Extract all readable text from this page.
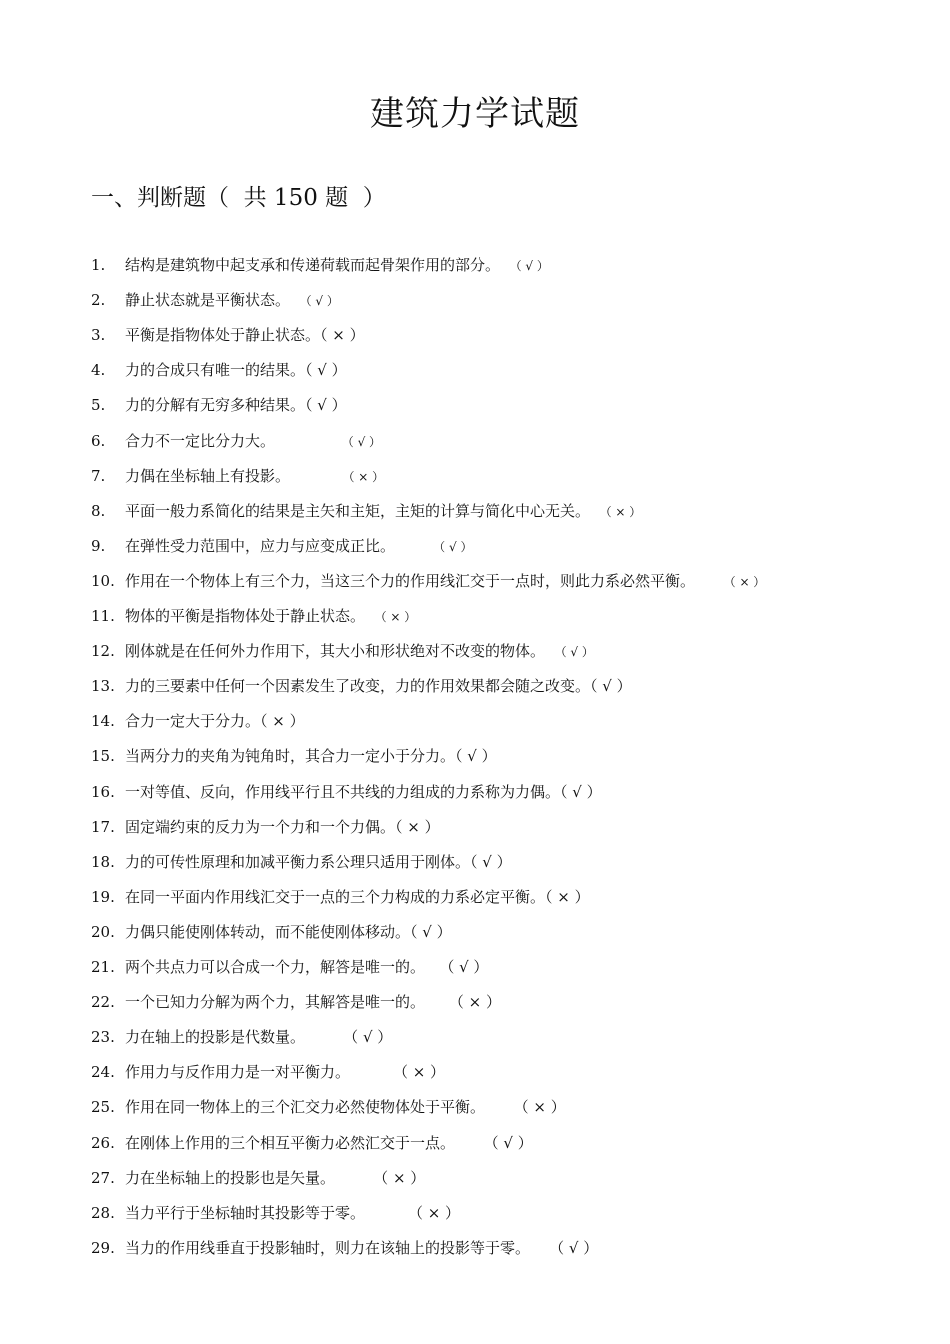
建筑力学试题
一、判断题（  共 150 题  ）
1. 结构是建筑物中起支承和传递荷载而起骨架作用的部分。 （ √ ）
2. 静止状态就是平衡状态。 （ √ ）
3. 平衡是指物体处于静止状态。（ × ）
4. 力的合成只有唯一的结果。（ √ ）
5. 力的分解有无穷多种结果。（ √ ）
6. 合力不一定比分力大。	（ √ ）
7. 力偶在坐标轴上有投影。	（ × ）
8. 平面一般力系简化的结果是主矢和主矩，主矩的计算与简化中心无关。 （ × ）
9. 在弹性受力范围中，应力与应变成正比。	（ √ ）
10. 作用在一个物体上有三个力，当这三个力的作用线汇交于一点时，则此力系必然平衡。 （ × ）
11. 物体的平衡是指物体处于静止状态。 （ × ）
12. 刚体就是在任何外力作用下，其大小和形状绝对不改变的物体。 （ √ ）
13. 力的三要素中任何一个因素发生了改变，力的作用效果都会随之改变。（ √ ）
14. 合力一定大于分力。（ × ）
15. 当两分力的夹角为钝角时，其合力一定小于分力。（ √ ）
16. 一对等值、反向，作用线平行且不共线的力组成的力系称为力偶。（ √ ）
17. 固定端约束的反力为一个力和一个力偶。（ × ）
18. 力的可传性原理和加减平衡力系公理只适用于刚体。（ √ ）
19. 在同一平面内作用线汇交于一点的三个力构成的力系必定平衡。（ × ）
20. 力偶只能使刚体转动，而不能使刚体移动。（ √ ）
21. 两个共点力可以合成一个力，解答是唯一的。 （ √ ）
22. 一个已知力分解为两个力，其解答是唯一的。 （ × ）
23. 力在轴上的投影是代数量。	（ √ ）
24. 作用力与反作用力是一对平衡力。	（ × ）
25. 作用在同一物体上的三个汇交力必然使物体处于平衡。 （ × ）
26. 在刚体上作用的三个相互平衡力必然汇交于一点。 （ √ ）
27. 力在坐标轴上的投影也是矢量。	（ × ）
28. 当力平行于坐标轴时其投影等于零。	（ × ）
29. 当力的作用线垂直于投影轴时，则力在该轴上的投影等于零。 （ √ ）
